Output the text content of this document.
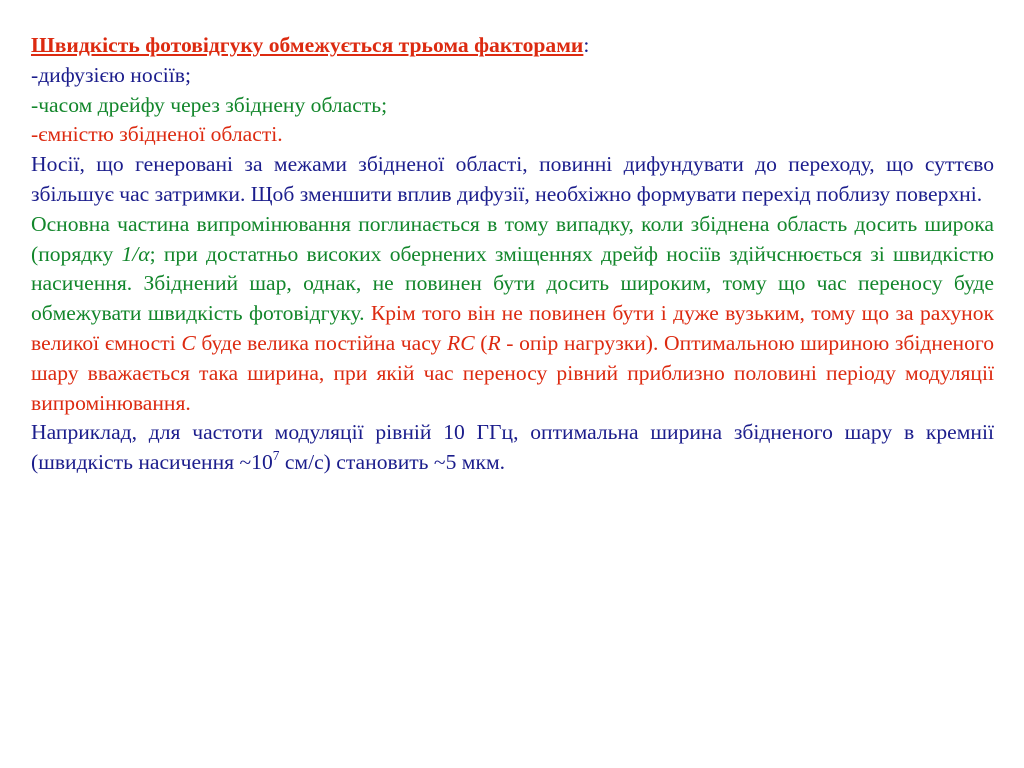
Швидкість фотовідгуку обмежується трьома факторами:

-дифузією носіїв;

-часом дрейфу через збіднену область;

-ємністю збідненої області.

Носії, що генеровані за межами збідненої області, повинні дифундувати до переходу, що суттєво збільшує час затримки. Щоб зменшити вплив дифузії, необхіжно формувати перехід поблизу поверхні.

Основна частина випромінювання поглинається в тому випадку, коли збіднена область досить широка (порядку 1/α; при достатньо високих обернених зміщеннях дрейф носіїв здійчснюється зі швидкістю насичення. Збіднений шар, однак, не повинен бути досить широким, тому що час переносу буде обмежувати швидкість фотовідгуку. Крім того він не повинен бути і дуже вузьким, тому що за рахунок великої ємності C буде велика постійна часу RC (R - опір нагрузки). Оптимальною шириною збідненого шару вважається така ширина, при якій час переносу рівний приблизно половині періоду модуляції випромінювання.

Наприклад, для частоти модуляції рівній 10 ГГц, оптимальна ширина збідненого шару в кремнії (швидкість насичення $\sim 10^7$ см/с) становить ~5 мкм.
